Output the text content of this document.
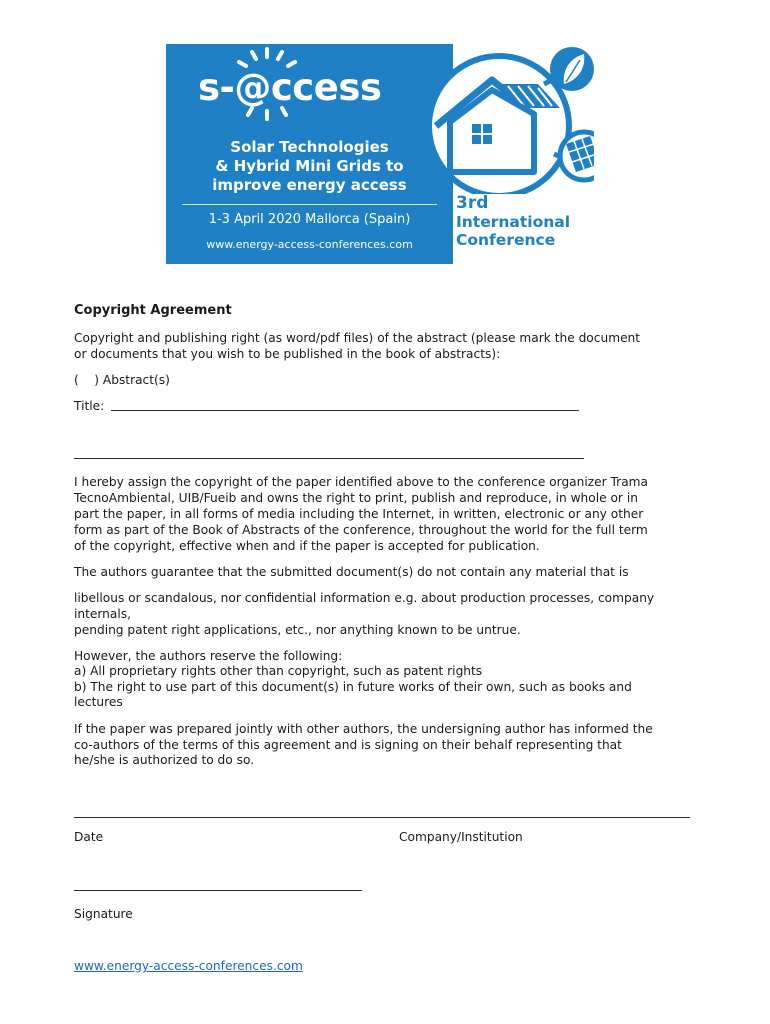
s-@ccess
Solar Technologies
& Hybrid Mini Grids to
improve energy access
1-3 April 2020 Mallorca (Spain)
www.energy-access-conferences.com
3rd
International
Conference
Copyright Agreement
Copyright and publishing right (as word/pdf files) of the abstract (please mark the document
or documents that you wish to be published in the book of abstracts):
(    ) Abstract(s)
Title:
I hereby assign the copyright of the paper identified above to the conference organizer Trama
TecnoAmbiental, UIB/Fueib and owns the right to print, publish and reproduce, in whole or in
part the paper, in all forms of media including the Internet, in written, electronic or any other
form as part of the Book of Abstracts of the conference, throughout the world for the full term
of the copyright, effective when and if the paper is accepted for publication.
The authors guarantee that the submitted document(s) do not contain any material that is
libellous or scandalous, nor confidential information e.g. about production processes, company
internals,
pending patent right applications, etc., nor anything known to be untrue.
However, the authors reserve the following:
a) All proprietary rights other than copyright, such as patent rights
b) The right to use part of this document(s) in future works of their own, such as books and
lectures
If the paper was prepared jointly with other authors, the undersigning author has informed the
co-authors of the terms of this agreement and is signing on their behalf representing that
he/she is authorized to do so.
Date	Company/Institution
Signature
www.energy-access-conferences.com
